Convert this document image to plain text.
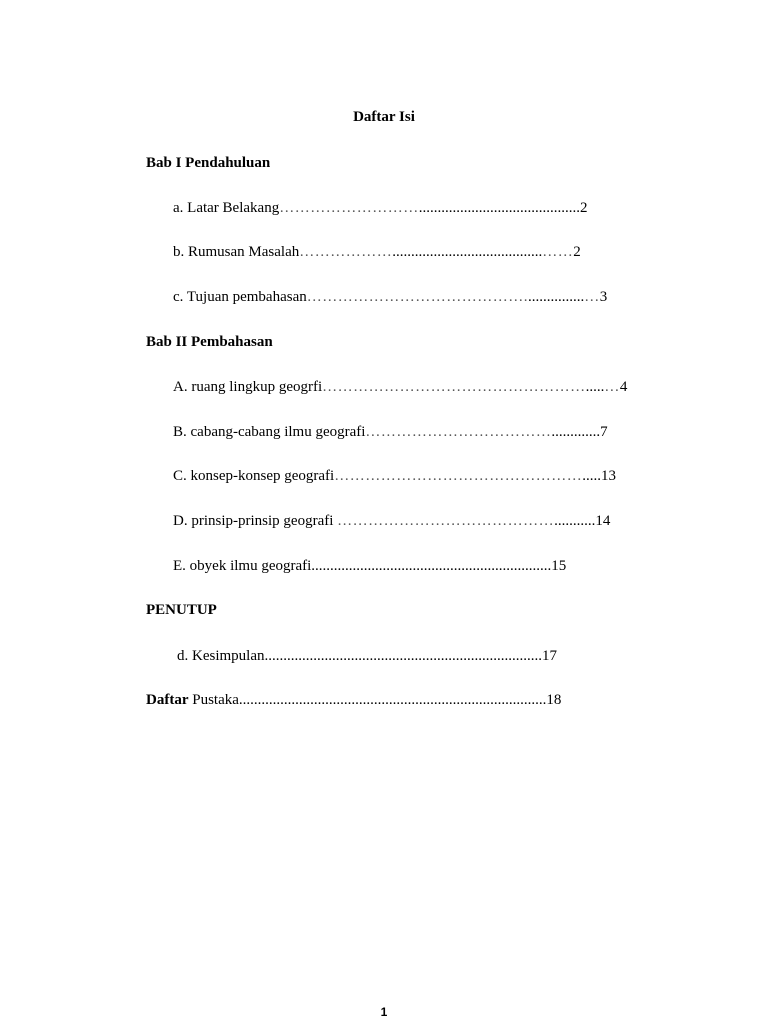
Daftar Isi
Bab I Pendahuluan
a. Latar Belakang………………………...........................................2
b. Rumusan Masalah………………........................................……2
c. Tujuan pembahasan……………………………………................…3
Bab II Pembahasan
A. ruang lingkup geogrfi…………………………………………….....…4
B. cabang-cabang ilmu geografi……………………………….............7
C. konsep-konsep geografi………………………………………….....13
D. prinsip-prinsip geografi ……………………………………...........14
E. obyek ilmu geografi................................................................15
PENUTUP
d. Kesimpulan..........................................................................17
Daftar Pustaka..................................................................................18
1
